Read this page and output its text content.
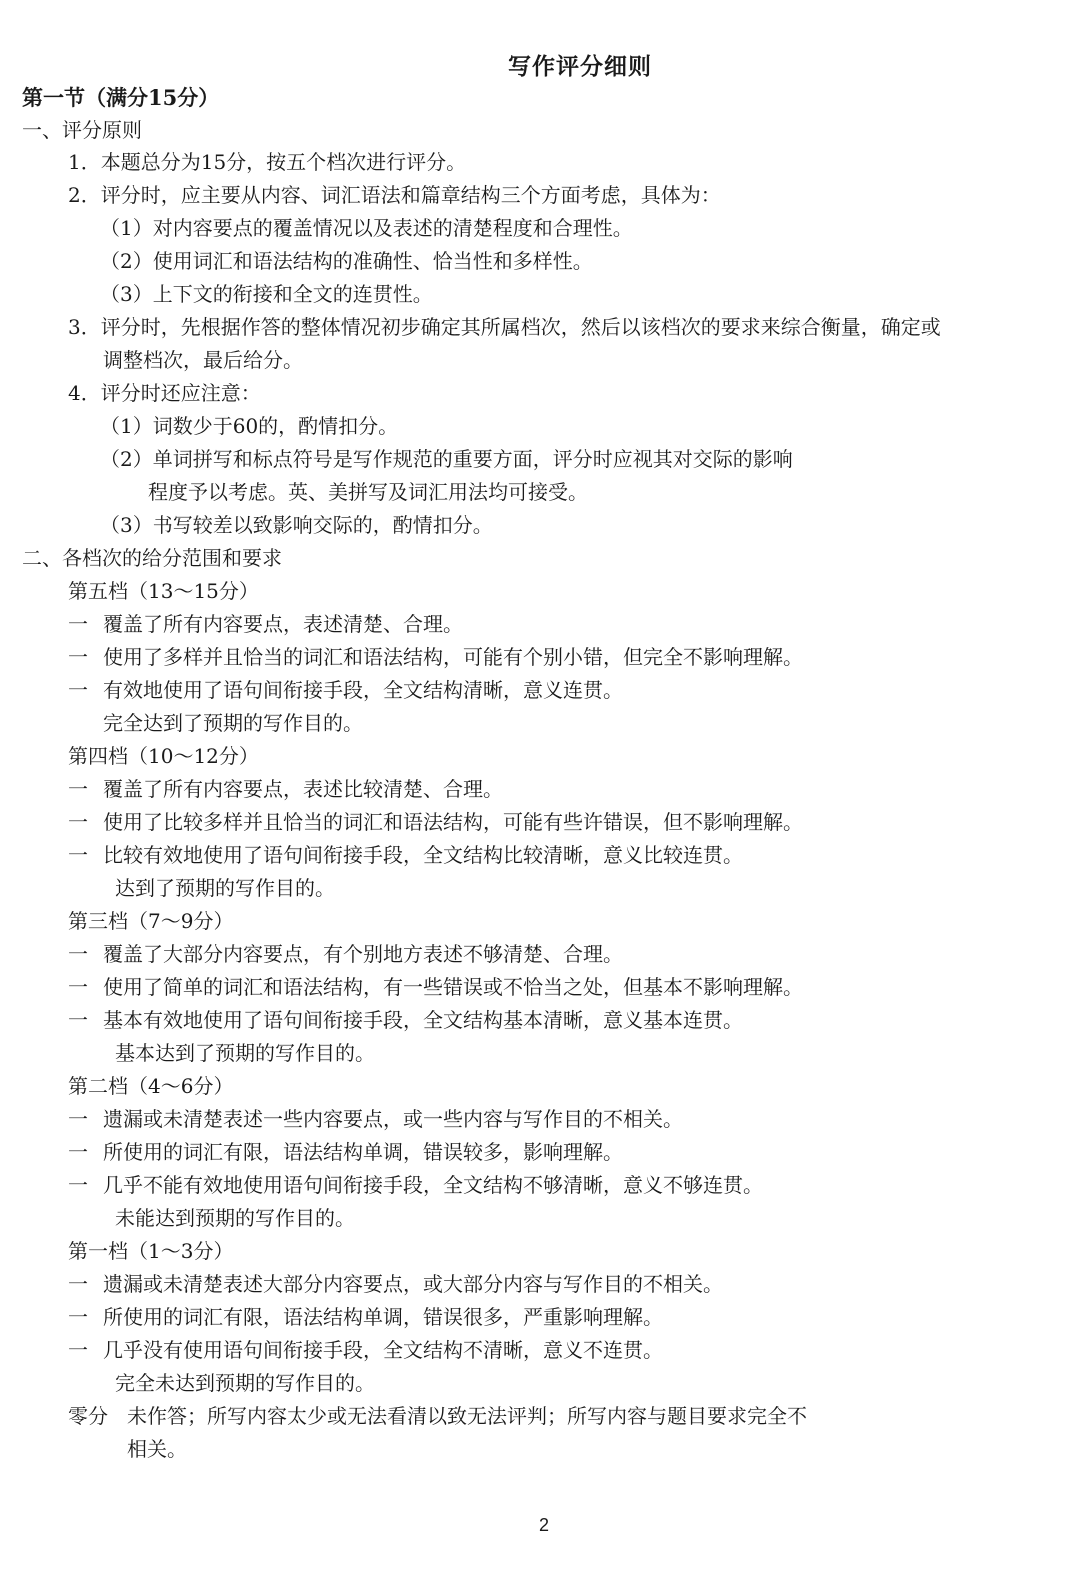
写作评分细则
第一节（满分15分）
一、评分原则
1．本题总分为15分，按五个档次进行评分。
2．评分时，应主要从内容、词汇语法和篇章结构三个方面考虑，具体为：
（1）对内容要点的覆盖情况以及表述的清楚程度和合理性。
（2）使用词汇和语法结构的准确性、恰当性和多样性。
（3）上下文的衔接和全文的连贯性。
3．评分时，先根据作答的整体情况初步确定其所属档次，然后以该档次的要求来综合衡量，确定或
调整档次，最后给分。
4．评分时还应注意：
（1）词数少于60的，酌情扣分。
（2）单词拼写和标点符号是写作规范的重要方面，评分时应视其对交际的影响
程度予以考虑。英、美拼写及词汇用法均可接受。
（3）书写较差以致影响交际的，酌情扣分。
二、各档次的给分范围和要求
第五档（13～15分）
一 覆盖了所有内容要点，表述清楚、合理。
一 使用了多样并且恰当的词汇和语法结构，可能有个别小错，但完全不影响理解。
一 有效地使用了语句间衔接手段，全文结构清晰，意义连贯。
完全达到了预期的写作目的。
第四档（10～12分）
一 覆盖了所有内容要点，表述比较清楚、合理。
一 使用了比较多样并且恰当的词汇和语法结构，可能有些许错误，但不影响理解。
一 比较有效地使用了语句间衔接手段，全文结构比较清晰，意义比较连贯。
达到了预期的写作目的。
第三档（7～9分）
一 覆盖了大部分内容要点，有个别地方表述不够清楚、合理。
一 使用了简单的词汇和语法结构，有一些错误或不恰当之处，但基本不影响理解。
一 基本有效地使用了语句间衔接手段，全文结构基本清晰，意义基本连贯。
基本达到了预期的写作目的。
第二档（4～6分）
一 遗漏或未清楚表述一些内容要点，或一些内容与写作目的不相关。
一 所使用的词汇有限，语法结构单调，错误较多，影响理解。
一 几乎不能有效地使用语句间衔接手段，全文结构不够清晰，意义不够连贯。
未能达到预期的写作目的。
第一档（1～3分）
一 遗漏或未清楚表述大部分内容要点，或大部分内容与写作目的不相关。
一 所使用的词汇有限，语法结构单调，错误很多，严重影响理解。
一 几乎没有使用语句间衔接手段，全文结构不清晰，意义不连贯。
完全未达到预期的写作目的。
零分 未作答；所写内容太少或无法看清以致无法评判；所写内容与题目要求完全不
相关。
2
